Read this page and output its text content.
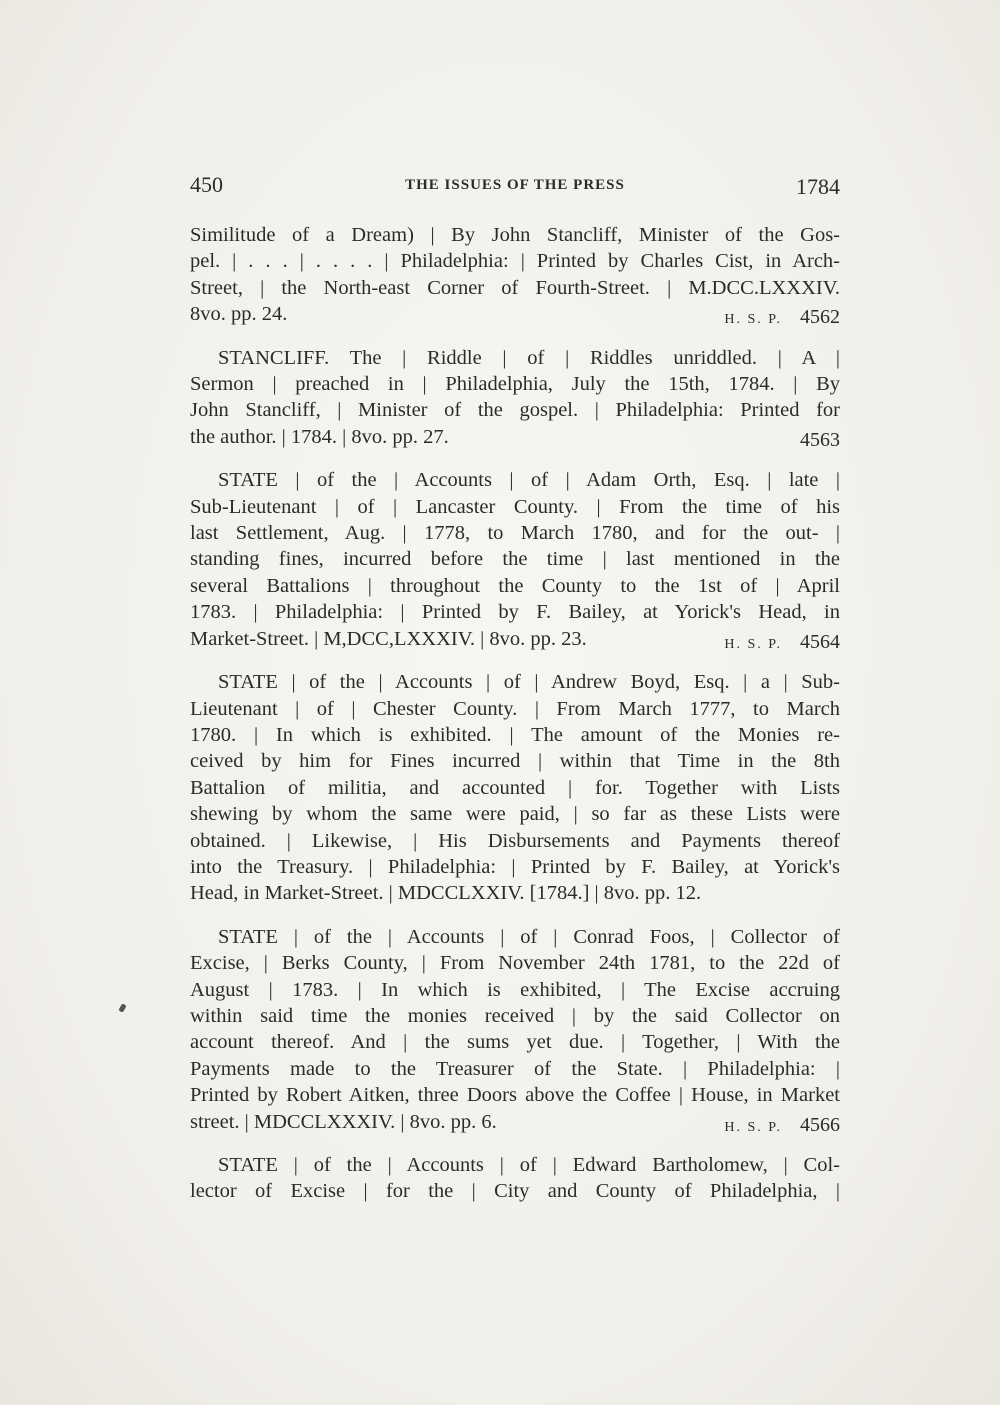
450	THE ISSUES OF THE PRESS	1784
Similitude of a Dream) | By John Stancliff, Minister of the Gos-
pel. | . . . | . . . . | Philadelphia: | Printed by Charles Cist, in Arch-
Street, | the North-east Corner of Fourth-Street. | M.DCC.LXXXIV.
8vo. pp. 24.	H. S. P. 4562
STANCLIFF. The | Riddle | of | Riddles unriddled. | A |
Sermon | preached in | Philadelphia, July the 15th, 1784. | By
John Stancliff, | Minister of the gospel. | Philadelphia: Printed for
the author. | 1784. | 8vo. pp. 27.	4563
STATE | of the | Accounts | of | Adam Orth, Esq. | late |
Sub-Lieutenant | of | Lancaster County. | From the time of his
last Settlement, Aug. | 1778, to March 1780, and for the out- |
standing fines, incurred before the time | last mentioned in the
several Battalions | throughout the County to the 1st of | April
1783. | Philadelphia: | Printed by F. Bailey, at Yorick's Head, in
Market-Street. | M,DCC,LXXXIV. | 8vo. pp. 23.	H. S. P. 4564
STATE | of the | Accounts | of | Andrew Boyd, Esq. | a | Sub-
Lieutenant | of | Chester County. | From March 1777, to March
1780. | In which is exhibited. | The amount of the Monies re-
ceived by him for Fines incurred | within that Time in the 8th
Battalion of militia, and accounted | for. Together with Lists
shewing by whom the same were paid, | so far as these Lists were
obtained. | Likewise, | His Disbursements and Payments thereof
into the Treasury. | Philadelphia: | Printed by F. Bailey, at Yorick's
Head, in Market-Street. | MDCCLXXIV. [1784.] | 8vo. pp. 12.
STATE | of the | Accounts | of | Conrad Foos, | Collector of
Excise, | Berks County, | From November 24th 1781, to the 22d of
August | 1783. | In which is exhibited, | The Excise accruing
within said time the monies received | by the said Collector on
account thereof. And | the sums yet due. | Together, | With the
Payments made to the Treasurer of the State. | Philadelphia: |
Printed by Robert Aitken, three Doors above the Coffee | House, in Market
street. | MDCCLXXXIV. | 8vo. pp. 6.	H. S. P. 4566
STATE | of the | Accounts | of | Edward Bartholomew, | Col-
lector of Excise | for the | City and County of Philadelphia, |
